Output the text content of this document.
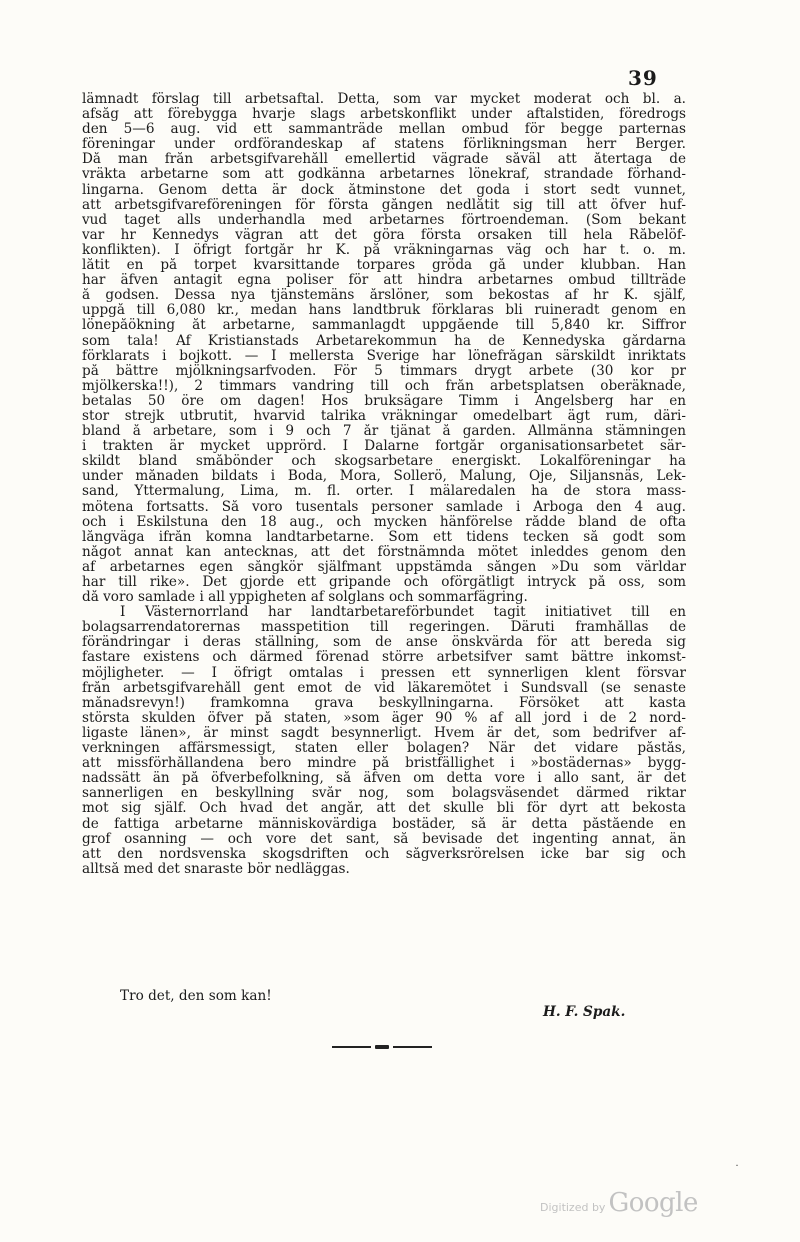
39
lämnadt förslag till arbetsaftal. Detta, som var mycket moderat och bl. a.
afsåg att förebygga hvarje slags arbetskonflikt under aftalstiden, föredrogs
den 5—6 aug. vid ett sammanträde mellan ombud för begge parternas
föreningar under ordförandeskap af statens förlikningsman herr Berger.
Då man från arbetsgifvarehåll emellertid vägrade såväl att återtaga de
vräkta arbetarne som att godkänna arbetarnes lönekraf, strandade förhand-
lingarna. Genom detta är dock åtminstone det goda i stort sedt vunnet,
att arbetsgifvareföreningen för första gången nedlåtit sig till att öfver huf-
vud taget alls underhandla med arbetarnes förtroendeman. (Som bekant
var hr Kennedys vägran att det göra första orsaken till hela Råbelöf-
konflikten). I öfrigt fortgår hr K. på vräkningarnas väg och har t. o. m.
låtit en på torpet kvarsittande torpares gröda gå under klubban. Han
har äfven antagit egna poliser för att hindra arbetarnes ombud tillträde
å godsen. Dessa nya tjänstemäns årslöner, som bekostas af hr K. själf,
uppgå till 6,080 kr., medan hans landtbruk förklaras bli ruineradt genom en
lönepåökning åt arbetarne, sammanlagdt uppgående till 5,840 kr. Siffror
som tala! Af Kristianstads Arbetarekommun ha de Kennedyska gårdarna
förklarats i bojkott. — I mellersta Sverige har lönefrågan särskildt inriktats
på bättre mjölkningsarfvoden. För 5 timmars drygt arbete (30 kor pr
mjölkerska!!), 2 timmars vandring till och från arbetsplatsen oberäknade,
betalas 50 öre om dagen! Hos bruksägare Timm i Ängelsberg har en
stor strejk utbrutit, hvarvid talrika vräkningar omedelbart ägt rum, däri-
bland å arbetare, som i 9 och 7 år tjänat å garden. Allmänna stämningen
i trakten är mycket upprörd. I Dalarne fortgår organisationsarbetet sär-
skildt bland småbönder och skogsarbetare energiskt. Lokalföreningar ha
under månaden bildats i Boda, Mora, Sollerö, Malung, Öje, Siljansnäs, Lek-
sand, Yttermalung, Lima, m. fl. orter. I mälaredalen ha de stora mass-
mötena fortsatts. Så voro tusentals personer samlade i Arboga den 4 aug.
och i Eskilstuna den 18 aug., och mycken hänförelse rådde bland de ofta
långväga ifrån komna landtarbetarne. Som ett tidens tecken så godt som
något annat kan antecknas, att det förstnämnda mötet inleddes genom den
af arbetarnes egen sångkör själfmant uppstämda sången »Du som världar
har till rike». Det gjorde ett gripande och oförgätligt intryck på oss, som
då voro samlade i all yppigheten af solglans och sommarfägring.
I Västernorrland har landtarbetareförbundet tagit initiativet till en
bolagsarrendatorernas masspetition till regeringen. Däruti framhållas de
förändringar i deras ställning, som de anse önskvärda för att bereda sig
fastare existens och därmed förenad större arbetsifver samt bättre inkomst-
möjligheter. — I öfrigt omtalas i pressen ett synnerligen klent försvar
från arbetsgifvarehåll gent emot de vid läkaremötet i Sundsvall (se senaste
månadsrevyn!) framkomna grava beskyllningarna. Försöket att kasta
största skulden öfver på staten, »som äger 90 % af all jord i de 2 nord-
ligaste länen», är minst sagdt besynnerligt. Hvem är det, som bedrifver af-
verkningen affärsmessigt, staten eller bolagen? När det vidare påstås,
att missförhållandena bero mindre på bristfällighet i »bostädernas» bygg-
nadssätt än på öfverbefolkning, så äfven om detta vore i allo sant, är det
sannerligen en beskyllning svår nog, som bolagsväsendet därmed riktar
mot sig själf. Och hvad det angår, att det skulle bli för dyrt att bekosta
de fattiga arbetarne människovärdiga bostäder, så är detta påstående en
grof osanning — och vore det sant, så bevisade det ingenting annat, än
att den nordsvenska skogsdriften och sågverksrörelsen icke bar sig och
alltså med det snaraste bör nedläggas.
Tro det, den som kan!
H. F. Spak.
˙
Digitized by Google
